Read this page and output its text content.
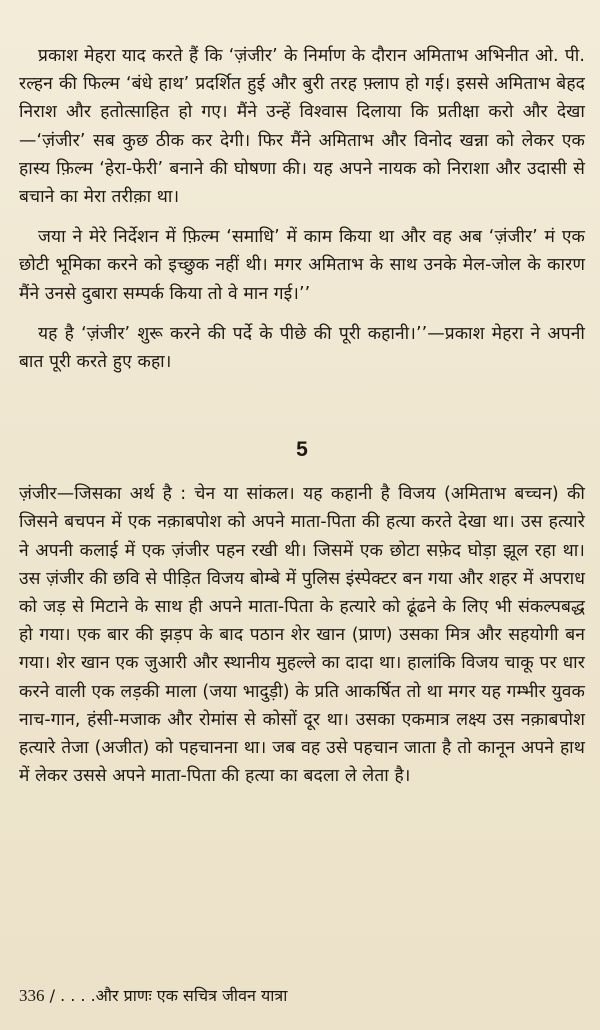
प्रकाश मेहरा याद करते हैं कि ‘ज़ंजीर’ के निर्माण के दौरान अमिताभ अभिनीत ओ. पी. रल्हन की फिल्म ‘बंधे हाथ’ प्रदर्शित हुई और बुरी तरह फ़्लाप हो गई। इससे अमिताभ बेहद निराश और हतोत्साहित हो गए। मैंने उन्हें विश्वास दिलाया कि प्रतीक्षा करो और देखा—‘ज़ंजीर’ सब कुछ ठीक कर देगी। फिर मैंने अमिताभ और विनोद खन्ना को लेकर एक हास्य फ़िल्म ‘हेरा-फेरी’ बनाने की घोषणा की। यह अपने नायक को निराशा और उदासी से बचाने का मेरा तरीक़ा था।

जया ने मेरे निर्देशन में फ़िल्म ‘समाधि’ में काम किया था और वह अब ‘ज़ंजीर’ मं एक छोटी भूमिका करने को इच्छुक नहीं थी। मगर अमिताभ के साथ उनके मेल-जोल के कारण मैंने उनसे दुबारा सम्पर्क किया तो वे मान गई।’’

यह है ‘ज़ंजीर’ शुरू करने की पर्दे के पीछे की पूरी कहानी।’’—प्रकाश मेहरा ने अपनी बात पूरी करते हुए कहा।

5

ज़ंजीर—जिसका अर्थ है : चेन या सांकल। यह कहानी है विजय (अमिताभ बच्चन) की जिसने बचपन में एक नक़ाबपोश को अपने माता-पिता की हत्या करते देखा था। उस हत्यारे ने अपनी कलाई में एक ज़ंजीर पहन रखी थी। जिसमें एक छोटा सफ़ेद घोड़ा झूल रहा था। उस ज़ंजीर की छवि से पीड़ित विजय बोम्बे में पुलिस इंस्पेक्टर बन गया और शहर में अपराध को जड़ से मिटाने के साथ ही अपने माता-पिता के हत्यारे को ढूंढने के लिए भी संकल्पबद्ध हो गया। एक बार की झड़प के बाद पठान शेर खान (प्राण) उसका मित्र और सहयोगी बन गया। शेर खान एक जुआरी और स्थानीय मुहल्ले का दादा था। हालांकि विजय चाकू पर धार करने वाली एक लड़की माला (जया भादुड़ी) के प्रति आकर्षित तो था मगर यह गम्भीर युवक नाच-गान, हंसी-मजाक और रोमांस से कोसों दूर था। उसका एकमात्र लक्ष्य उस नक़ाबपोश हत्यारे तेजा (अजीत) को पहचानना था। जब वह उसे पहचान जाता है तो कानून अपने हाथ में लेकर उससे अपने माता-पिता की हत्या का बदला ले लेता है।

336 / . . . .और प्राणः एक सचित्र जीवन यात्रा
